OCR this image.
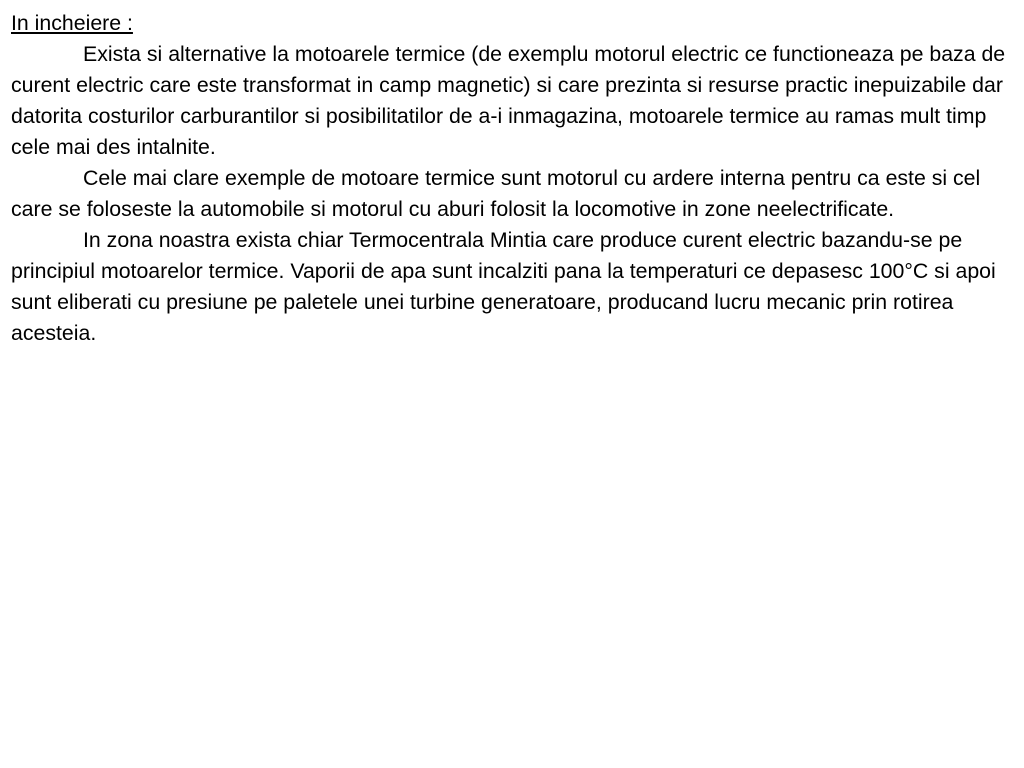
In incheiere :

Exista si alternative la motoarele termice (de exemplu motorul electric ce functioneaza pe baza de curent electric care este transformat in camp magnetic) si care prezinta si resurse practic inepuizabile dar datorita costurilor carburantilor si posibilitatilor de a-i inmagazina, motoarele termice au ramas mult timp cele mai des intalnite.

Cele mai clare exemple de motoare termice sunt motorul cu ardere interna pentru ca este si cel care se foloseste la automobile si motorul cu aburi folosit la locomotive in zone neelectrificate.

In zona noastra exista chiar Termocentrala Mintia care produce curent electric bazandu-se pe principiul motoarelor termice. Vaporii de apa sunt incalziti pana la temperaturi ce depasesc 100°C si apoi sunt eliberati cu presiune pe paletele unei turbine generatoare, producand lucru mecanic prin rotirea acesteia.
